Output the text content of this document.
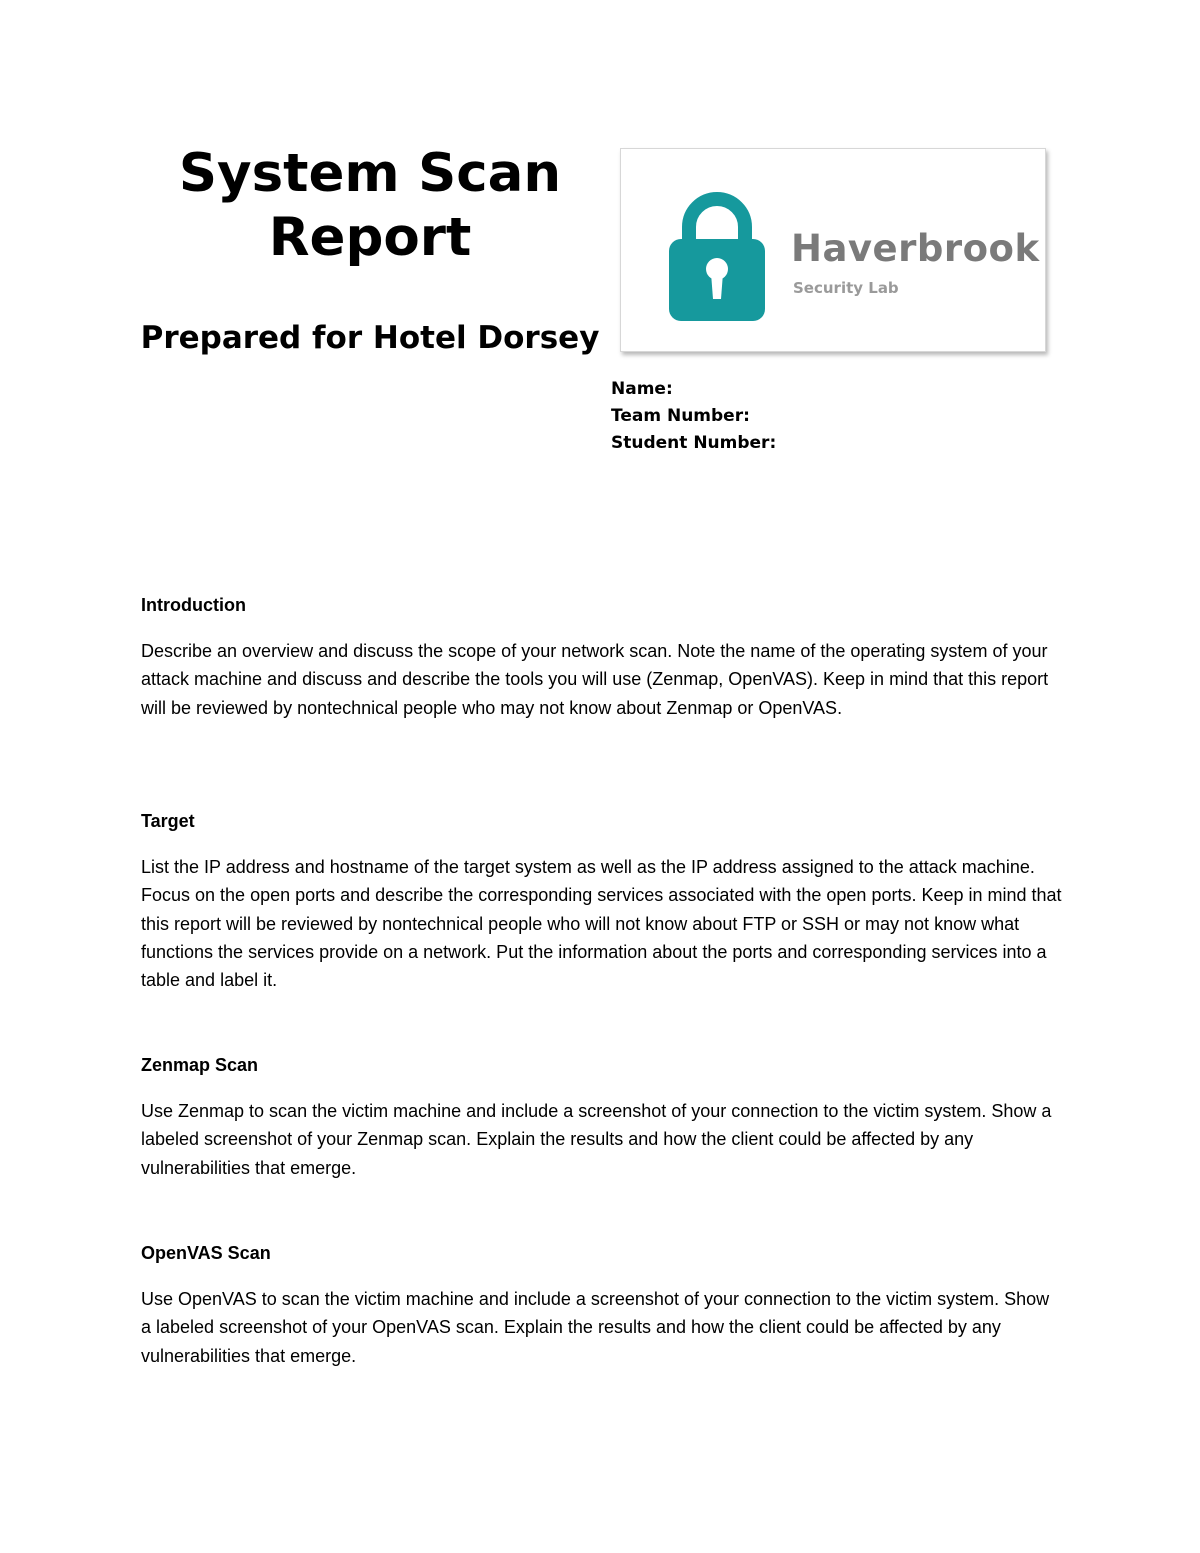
System Scan Report
Prepared for Hotel Dorsey
Haverbrook
Security Lab
Name:
Team Number:
Student Number:
Introduction

Describe an overview and discuss the scope of your network scan. Note the name of the operating system of your attack machine and discuss and describe the tools you will use (Zenmap, OpenVAS). Keep in mind that this report will be reviewed by nontechnical people who may not know about Zenmap or OpenVAS.

Target

List the IP address and hostname of the target system as well as the IP address assigned to the attack machine. Focus on the open ports and describe the corresponding services associated with the open ports. Keep in mind that this report will be reviewed by nontechnical people who will not know about FTP or SSH or may not know what functions the services provide on a network. Put the information about the ports and corresponding services into a table and label it.

Zenmap Scan

Use Zenmap to scan the victim machine and include a screenshot of your connection to the victim system. Show a labeled screenshot of your Zenmap scan. Explain the results and how the client could be affected by any vulnerabilities that emerge.

OpenVAS Scan

Use OpenVAS to scan the victim machine and include a screenshot of your connection to the victim system. Show a labeled screenshot of your OpenVAS scan. Explain the results and how the client could be affected by any vulnerabilities that emerge.
